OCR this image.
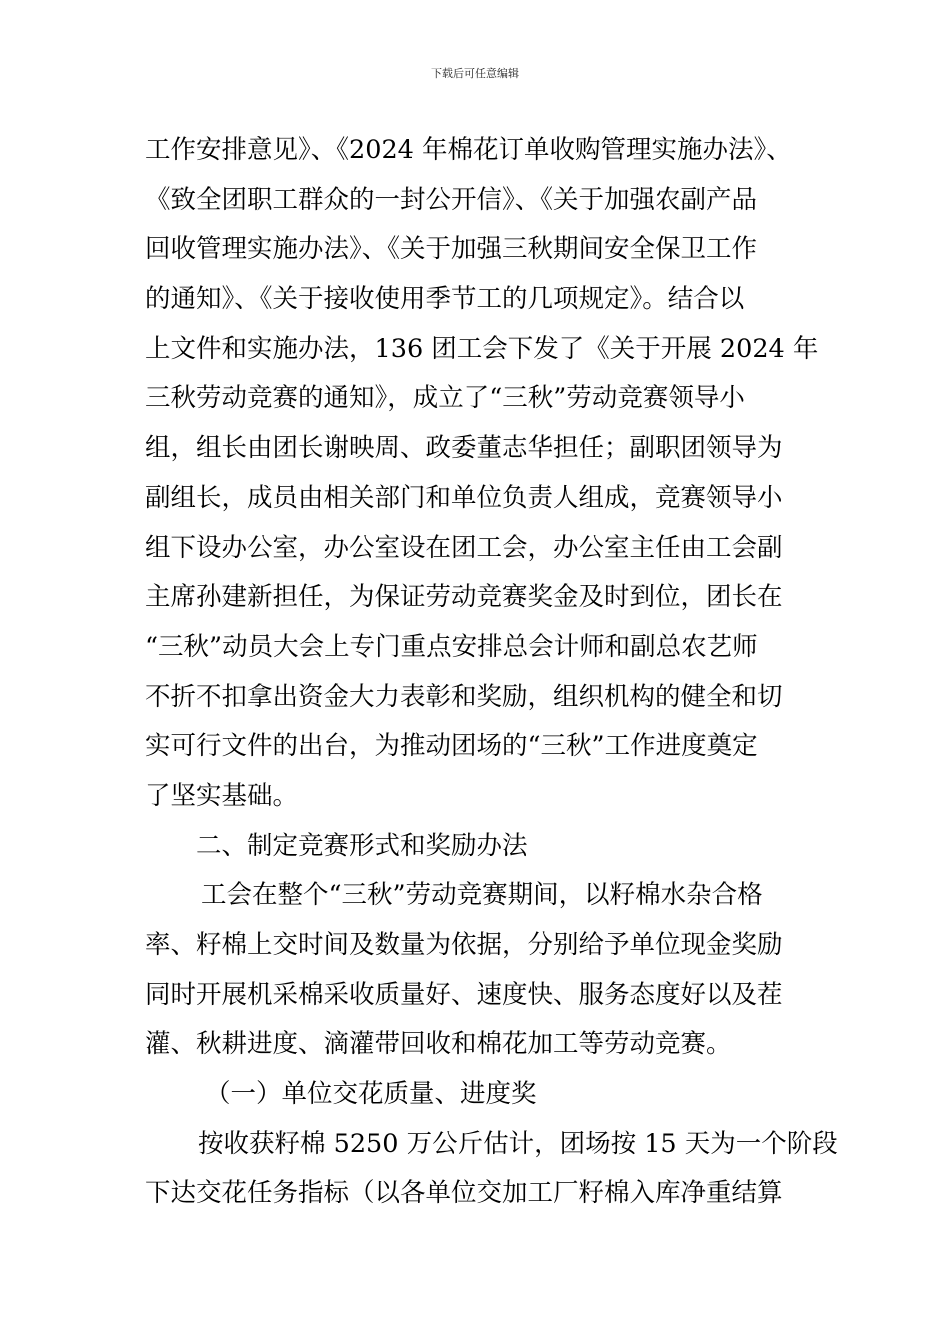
下载后可任意编辑
工作安排意见》、《2024 年棉花订单收购管理实施办法》、
《致全团职工群众的一封公开信》、《关于加强农副产品
回收管理实施办法》、《关于加强三秋期间安全保卫工作
的通知》、《关于接收使用季节工的几项规定》。结合以
上文件和实施办法，136 团工会下发了《关于开展 2024 年
三秋劳动竞赛的通知》，成立了“三秋”劳动竞赛领导小
组，组长由团长谢映周、政委董志华担任；副职团领导为
副组长，成员由相关部门和单位负责人组成，竞赛领导小
组下设办公室，办公室设在团工会，办公室主任由工会副
主席孙建新担任，为保证劳动竞赛奖金及时到位，团长在
“三秋”动员大会上专门重点安排总会计师和副总农艺师
不折不扣拿出资金大力表彰和奖励，组织机构的健全和切
实可行文件的出台，为推动团场的“三秋”工作进度奠定
了坚实基础。
二、制定竞赛形式和奖励办法
工会在整个“三秋”劳动竞赛期间，以籽棉水杂合格
率、籽棉上交时间及数量为依据，分别给予单位现金奖励
同时开展机采棉采收质量好、速度快、服务态度好以及茬
灌、秋耕进度、滴灌带回收和棉花加工等劳动竞赛。
（一）单位交花质量、进度奖
按收获籽棉 5250 万公斤估计，团场按 15 天为一个阶段
下达交花任务指标（以各单位交加工厂籽棉入库净重结算
